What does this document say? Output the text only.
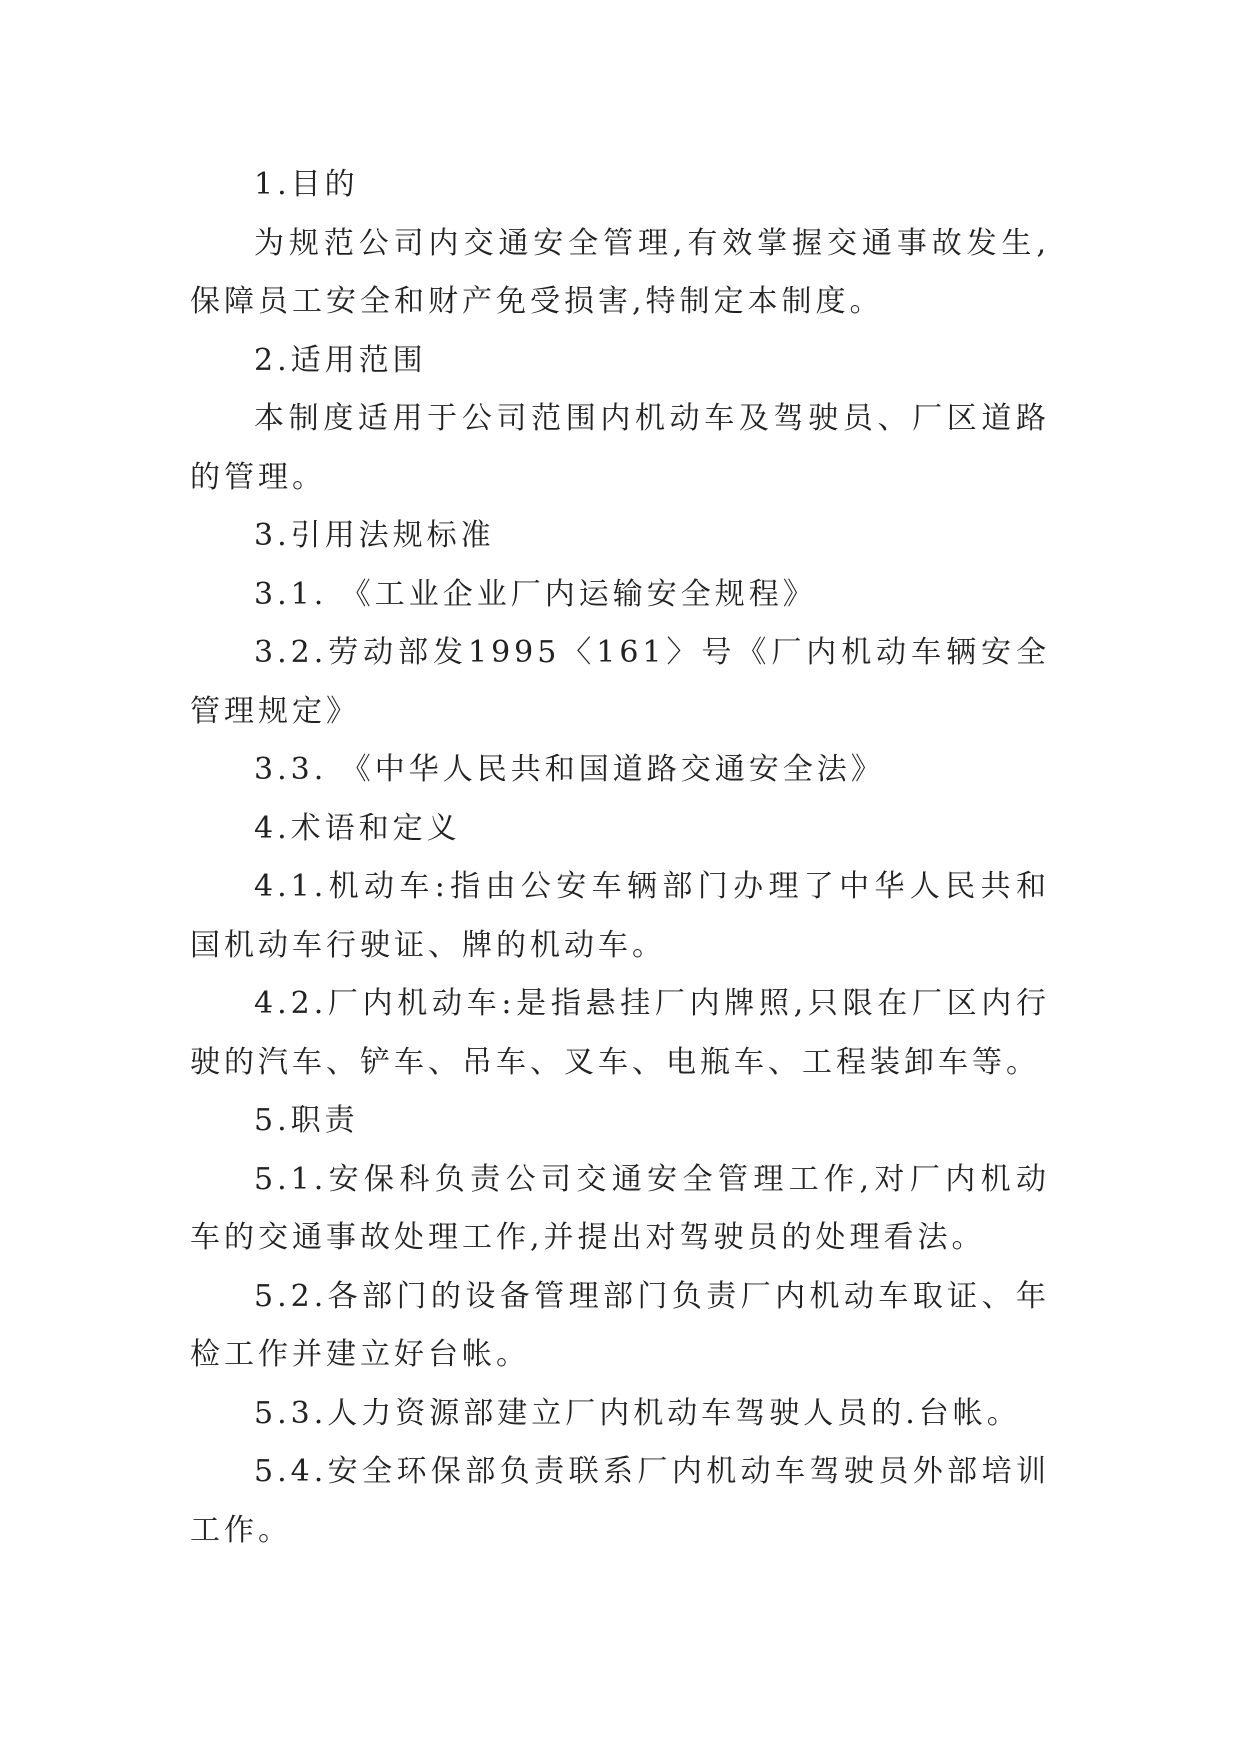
1.目的

为规范公司内交通安全管理,有效掌握交通事故发生,保障员工安全和财产免受损害,特制定本制度。

2.适用范围

本制度适用于公司范围内机动车及驾驶员、厂区道路的管理。

3.引用法规标准

3.1. 《工业企业厂内运输安全规程》

3.2.劳动部发1995〈161〉号《厂内机动车辆安全管理规定》

3.3. 《中华人民共和国道路交通安全法》

4.术语和定义

4.1.机动车:指由公安车辆部门办理了中华人民共和国机动车行驶证、牌的机动车。

4.2.厂内机动车:是指悬挂厂内牌照,只限在厂区内行驶的汽车、铲车、吊车、叉车、电瓶车、工程装卸车等。

5.职责

5.1.安保科负责公司交通安全管理工作,对厂内机动车的交通事故处理工作,并提出对驾驶员的处理看法。

5.2.各部门的设备管理部门负责厂内机动车取证、年检工作并建立好台帐。

5.3.人力资源部建立厂内机动车驾驶人员的.台帐。

5.4.安全环保部负责联系厂内机动车驾驶员外部培训工作。
